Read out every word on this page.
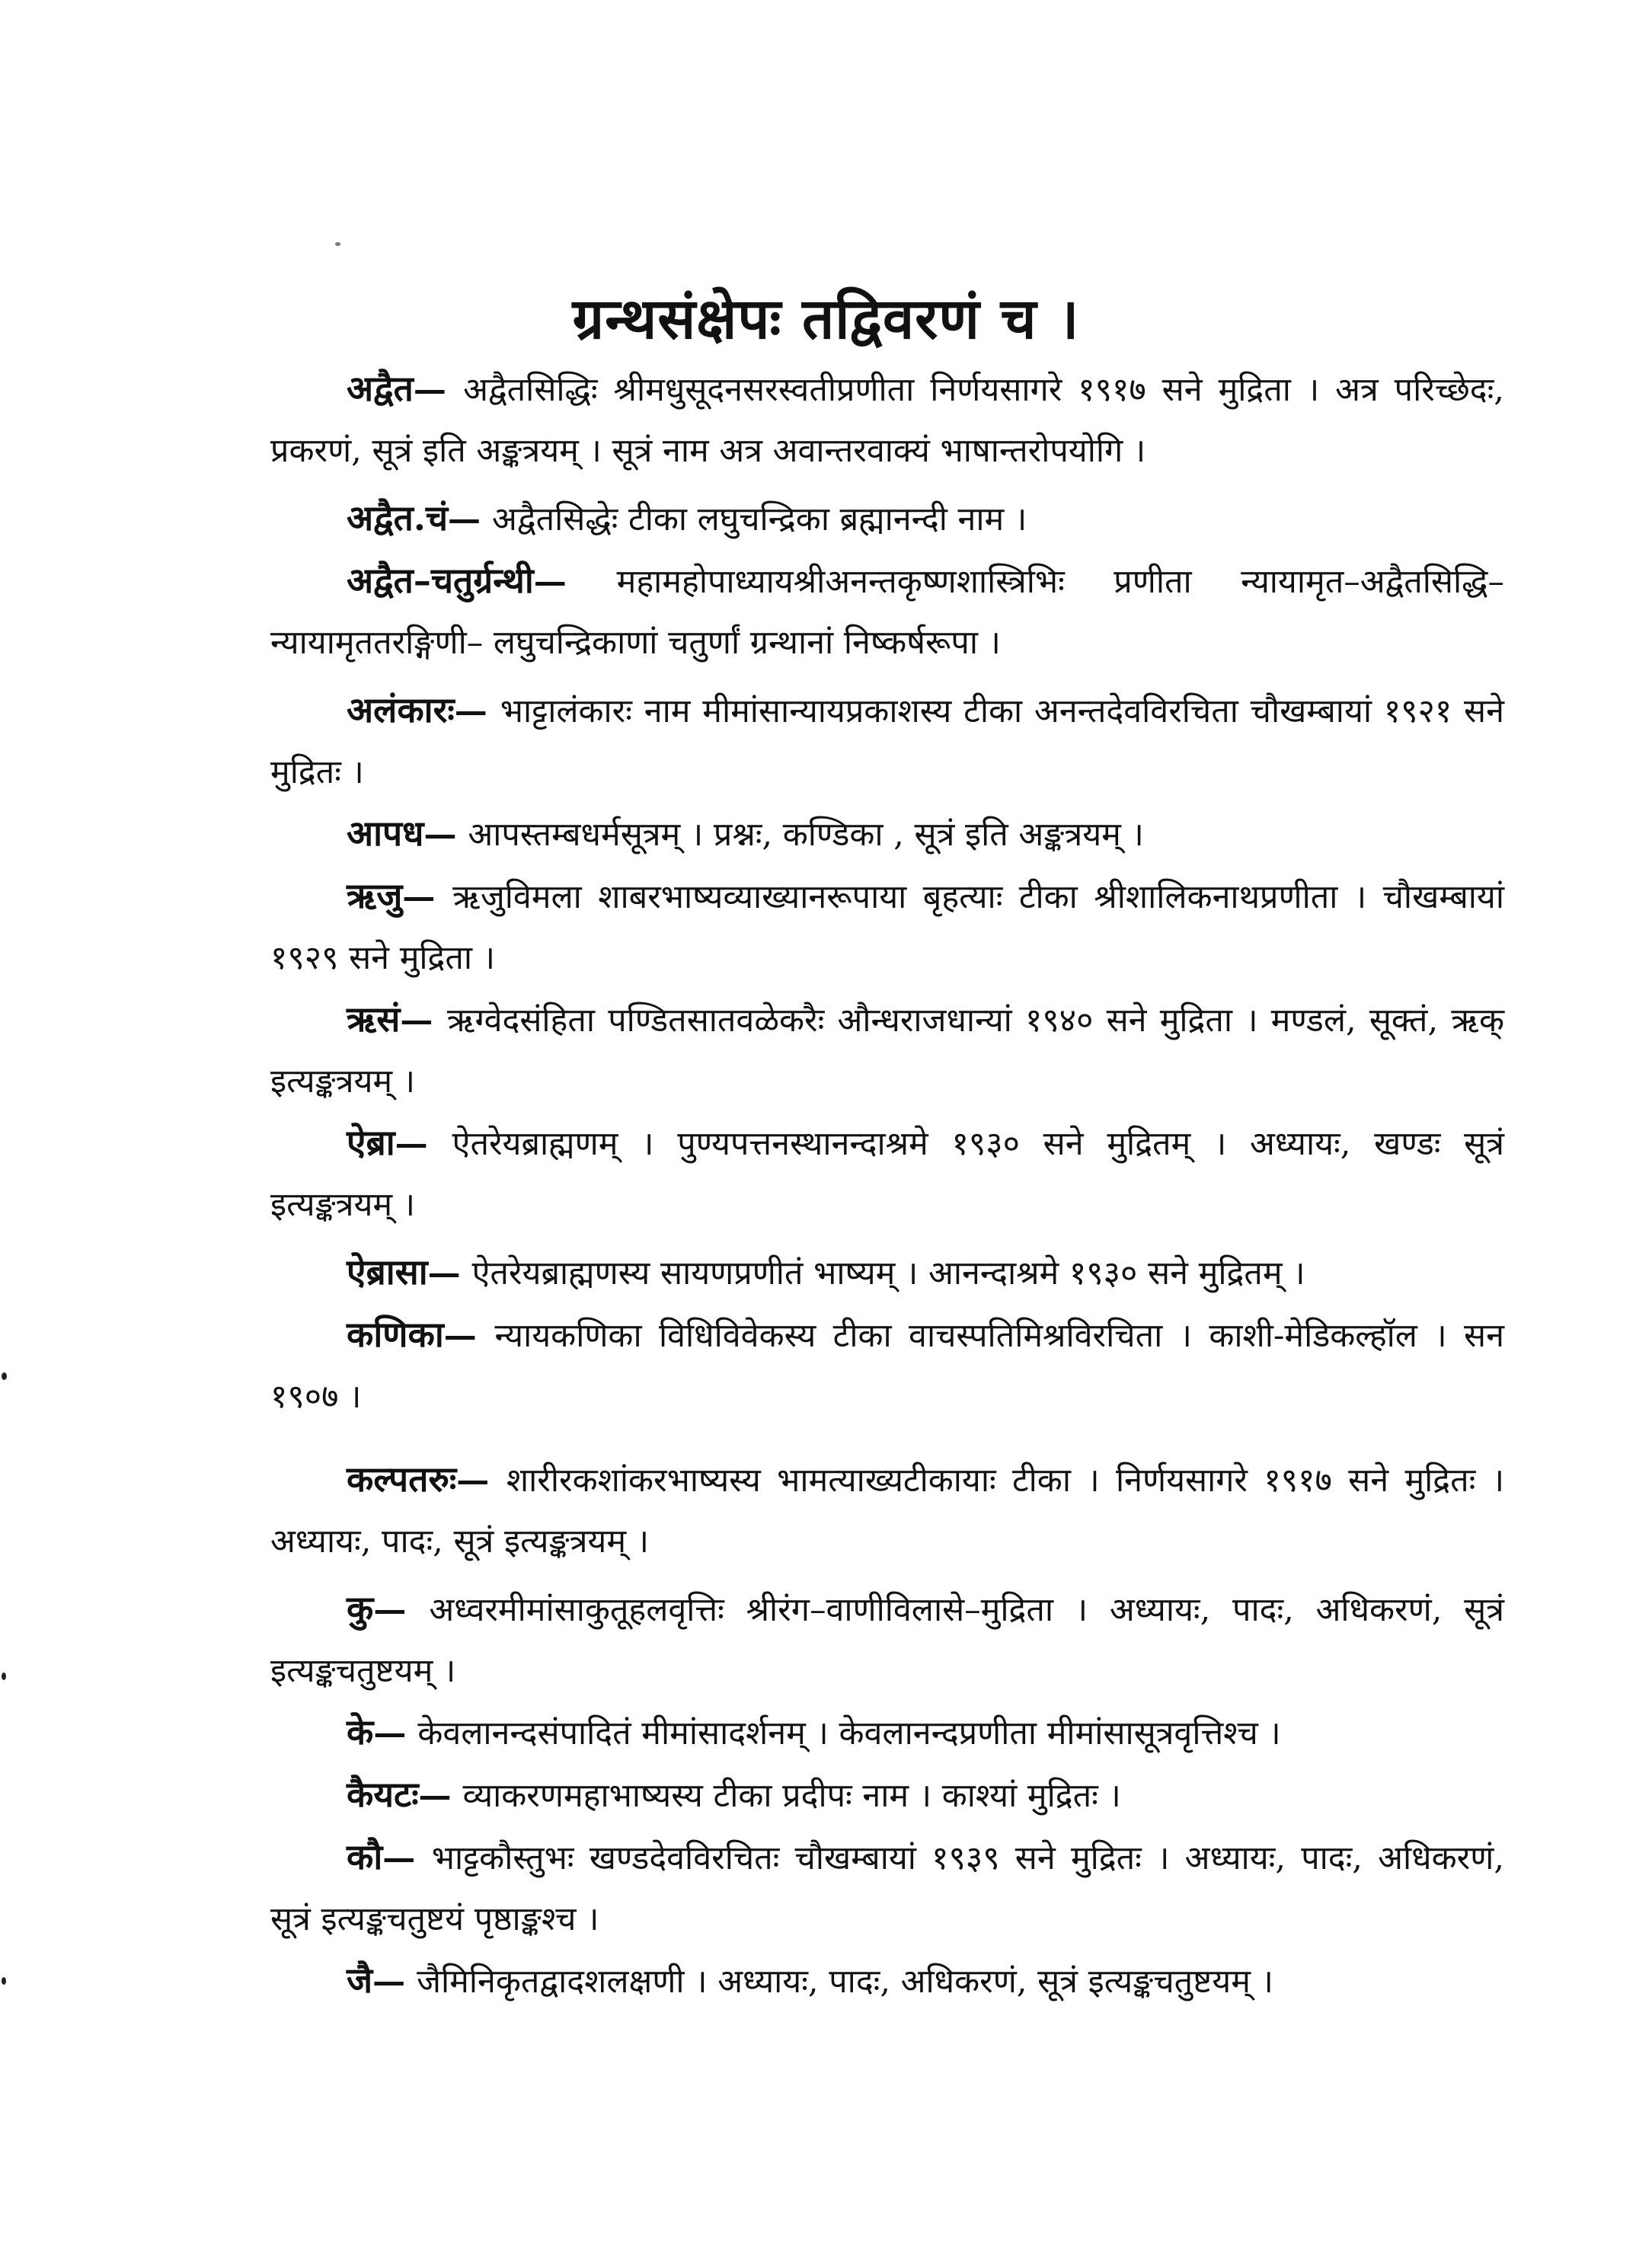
ग्रन्थसंक्षेपः तद्विवरणं च ।

अद्वैत— अद्वैतसिद्धिः श्रीमधुसूदनसरस्वतीप्रणीता निर्णयसागरे १९१७ सने मुद्रिता । अत्र परिच्छेदः, प्रकरणं, सूत्रं इति अङ्कत्रयम् । सूत्रं नाम अत्र अवान्तरवाक्यं भाषान्तरोपयोगि ।

अद्वैत.चं— अद्वैतसिद्धेः टीका लघुचन्द्रिका ब्रह्मानन्दी नाम ।

अद्वैत–चतुर्ग्रन्थी— महामहोपाध्यायश्रीअनन्तकृष्णशास्त्रिभिः प्रणीता न्यायामृत–अद्वैतसिद्धि–न्यायामृततरङ्गिणी– लघुचन्द्रिकाणां चतुर्णां ग्रन्थानां निष्कर्षरूपा ।

अलंकारः— भाट्टालंकारः नाम मीमांसान्यायप्रकाशस्य टीका अनन्तदेवविरचिता चौखम्बायां १९२१ सने मुद्रितः ।

आपध— आपस्तम्बधर्मसूत्रम् । प्रश्नः, कण्डिका , सूत्रं इति अङ्कत्रयम् ।

ऋजु— ऋजुविमला शाबरभाष्यव्याख्यानरूपाया बृहत्याः टीका श्रीशालिकनाथप्रणीता । चौखम्बायां १९२९ सने मुद्रिता ।

ऋसं— ऋग्वेदसंहिता पण्डितसातवळेकरैः औन्धराजधान्यां १९४० सने मुद्रिता । मण्डलं, सूक्तं, ऋक् इत्यङ्कत्रयम् ।

ऐब्रा— ऐतरेयब्राह्मणम् । पुण्यपत्तनस्थानन्दाश्रमे १९३० सने मुद्रितम् । अध्यायः, खण्डः सूत्रं इत्यङ्कत्रयम् ।

ऐब्रासा— ऐतरेयब्राह्मणस्य सायणप्रणीतं भाष्यम् । आनन्दाश्रमे १९३० सने मुद्रितम् ।

कणिका— न्यायकणिका विधिविवेकस्य टीका वाचस्पतिमिश्रविरचिता । काशी-मेडिकल्हॉल । सन १९०७ ।

कल्पतरुः— शारीरकशांकरभाष्यस्य भामत्याख्यटीकायाः टीका । निर्णयसागरे १९१७ सने मुद्रितः । अध्यायः, पादः, सूत्रं इत्यङ्कत्रयम् ।

कु— अध्वरमीमांसाकुतूहलवृत्तिः श्रीरंग–वाणीविलासे–मुद्रिता । अध्यायः, पादः, अधिकरणं, सूत्रं इत्यङ्कचतुष्टयम् ।

के— केवलानन्दसंपादितं मीमांसादर्शनम् । केवलानन्दप्रणीता मीमांसासूत्रवृत्तिश्च ।

कैयटः— व्याकरणमहाभाष्यस्य टीका प्रदीपः नाम । काश्यां मुद्रितः ।

कौ— भाट्टकौस्तुभः खण्डदेवविरचितः चौखम्बायां १९३९ सने मुद्रितः । अध्यायः, पादः, अधिकरणं, सूत्रं इत्यङ्कचतुष्टयं पृष्ठाङ्कश्च ।

जै— जैमिनिकृतद्वादशलक्षणी । अध्यायः, पादः, अधिकरणं, सूत्रं इत्यङ्कचतुष्टयम् ।
